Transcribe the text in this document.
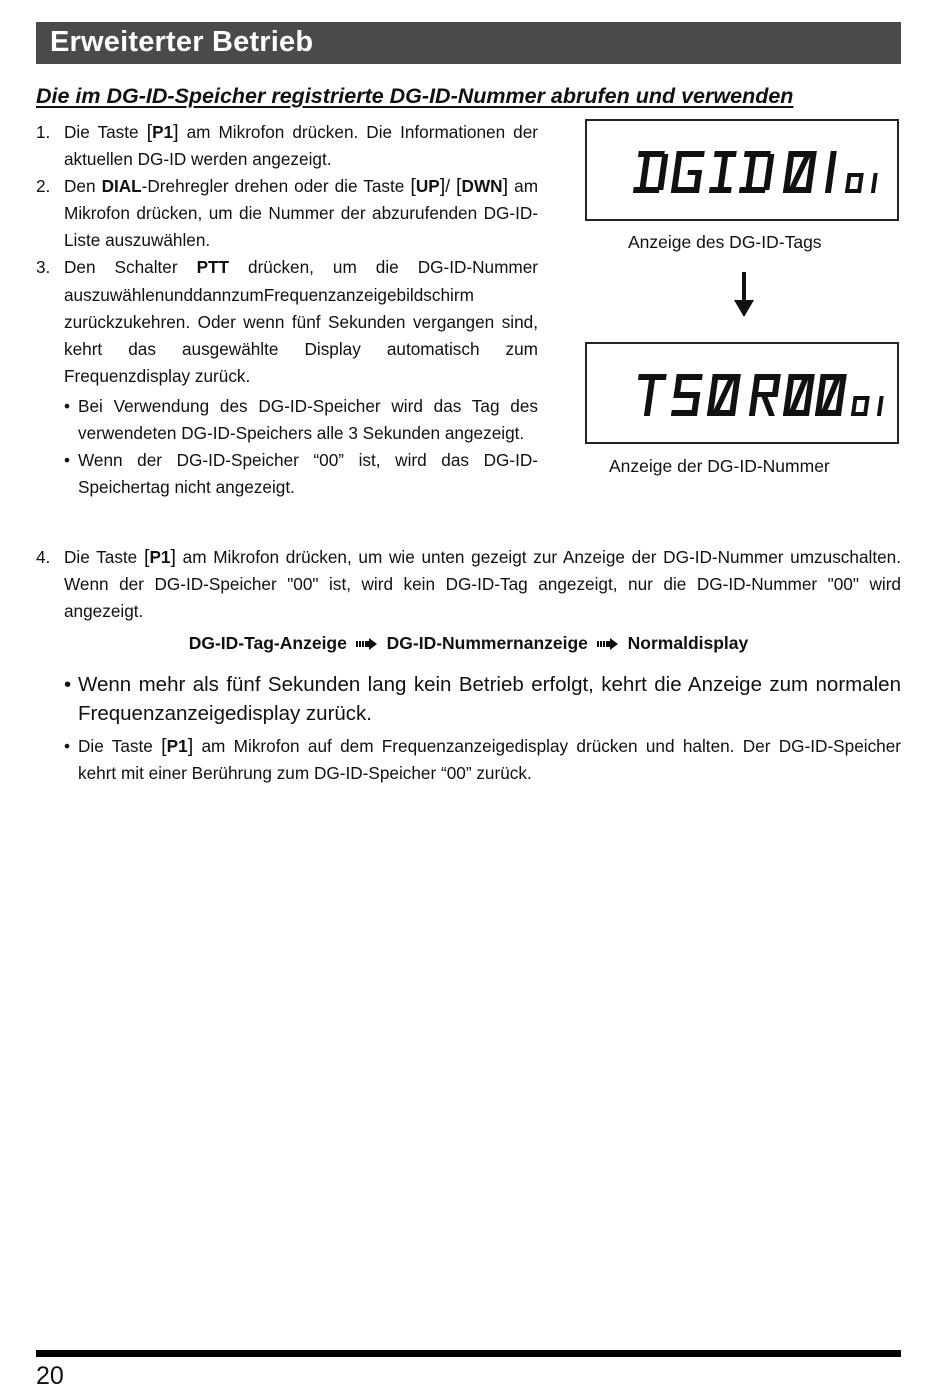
Erweiterter Betrieb
Die im DG-ID-Speicher registrierte DG-ID-Nummer abrufen und verwenden
1. Die Taste [P1] am Mikrofon drücken. Die Informationen der aktuellen DG-ID werden angezeigt.
2. Den DIAL-Drehregler drehen oder die Taste [UP]/ [DWN] am Mikrofon drücken, um die Nummer der abzurufenden DG-ID-Liste auszuwählen.
3. Den Schalter PTT drücken, um die DG-ID-Nummer auszuwählenunddannzumFrequenzanzeigebildschirm zurückzukehren. Oder wenn fünf Sekunden vergangen sind, kehrt das ausgewählte Display automatisch zum Frequenzdisplay zurück.
• Bei Verwendung des DG-ID-Speicher wird das Tag des verwendeten DG-ID-Speichers alle 3 Sekunden angezeigt.
• Wenn der DG-ID-Speicher “00” ist, wird das DG-ID-Speichertag nicht angezeigt.
Anzeige des DG-ID-Tags
Anzeige der DG-ID-Nummer
4. Die Taste [P1] am Mikrofon drücken, um wie unten gezeigt zur Anzeige der DG-ID-Nummer umzuschalten. Wenn der DG-ID-Speicher "00" ist, wird kein DG-ID-Tag angezeigt, nur die DG-ID-Nummer "00" wird angezeigt.
DG-ID-Tag-Anzeige DG-ID-Nummernanzeige Normaldisplay
• Wenn mehr als fünf Sekunden lang kein Betrieb erfolgt, kehrt die Anzeige zum normalen Frequenzanzeigedisplay zurück.
• Die Taste [P1] am Mikrofon auf dem Frequenzanzeigedisplay drücken und halten. Der DG-ID-Speicher kehrt mit einer Berührung zum DG-ID-Speicher “00” zurück.
20
